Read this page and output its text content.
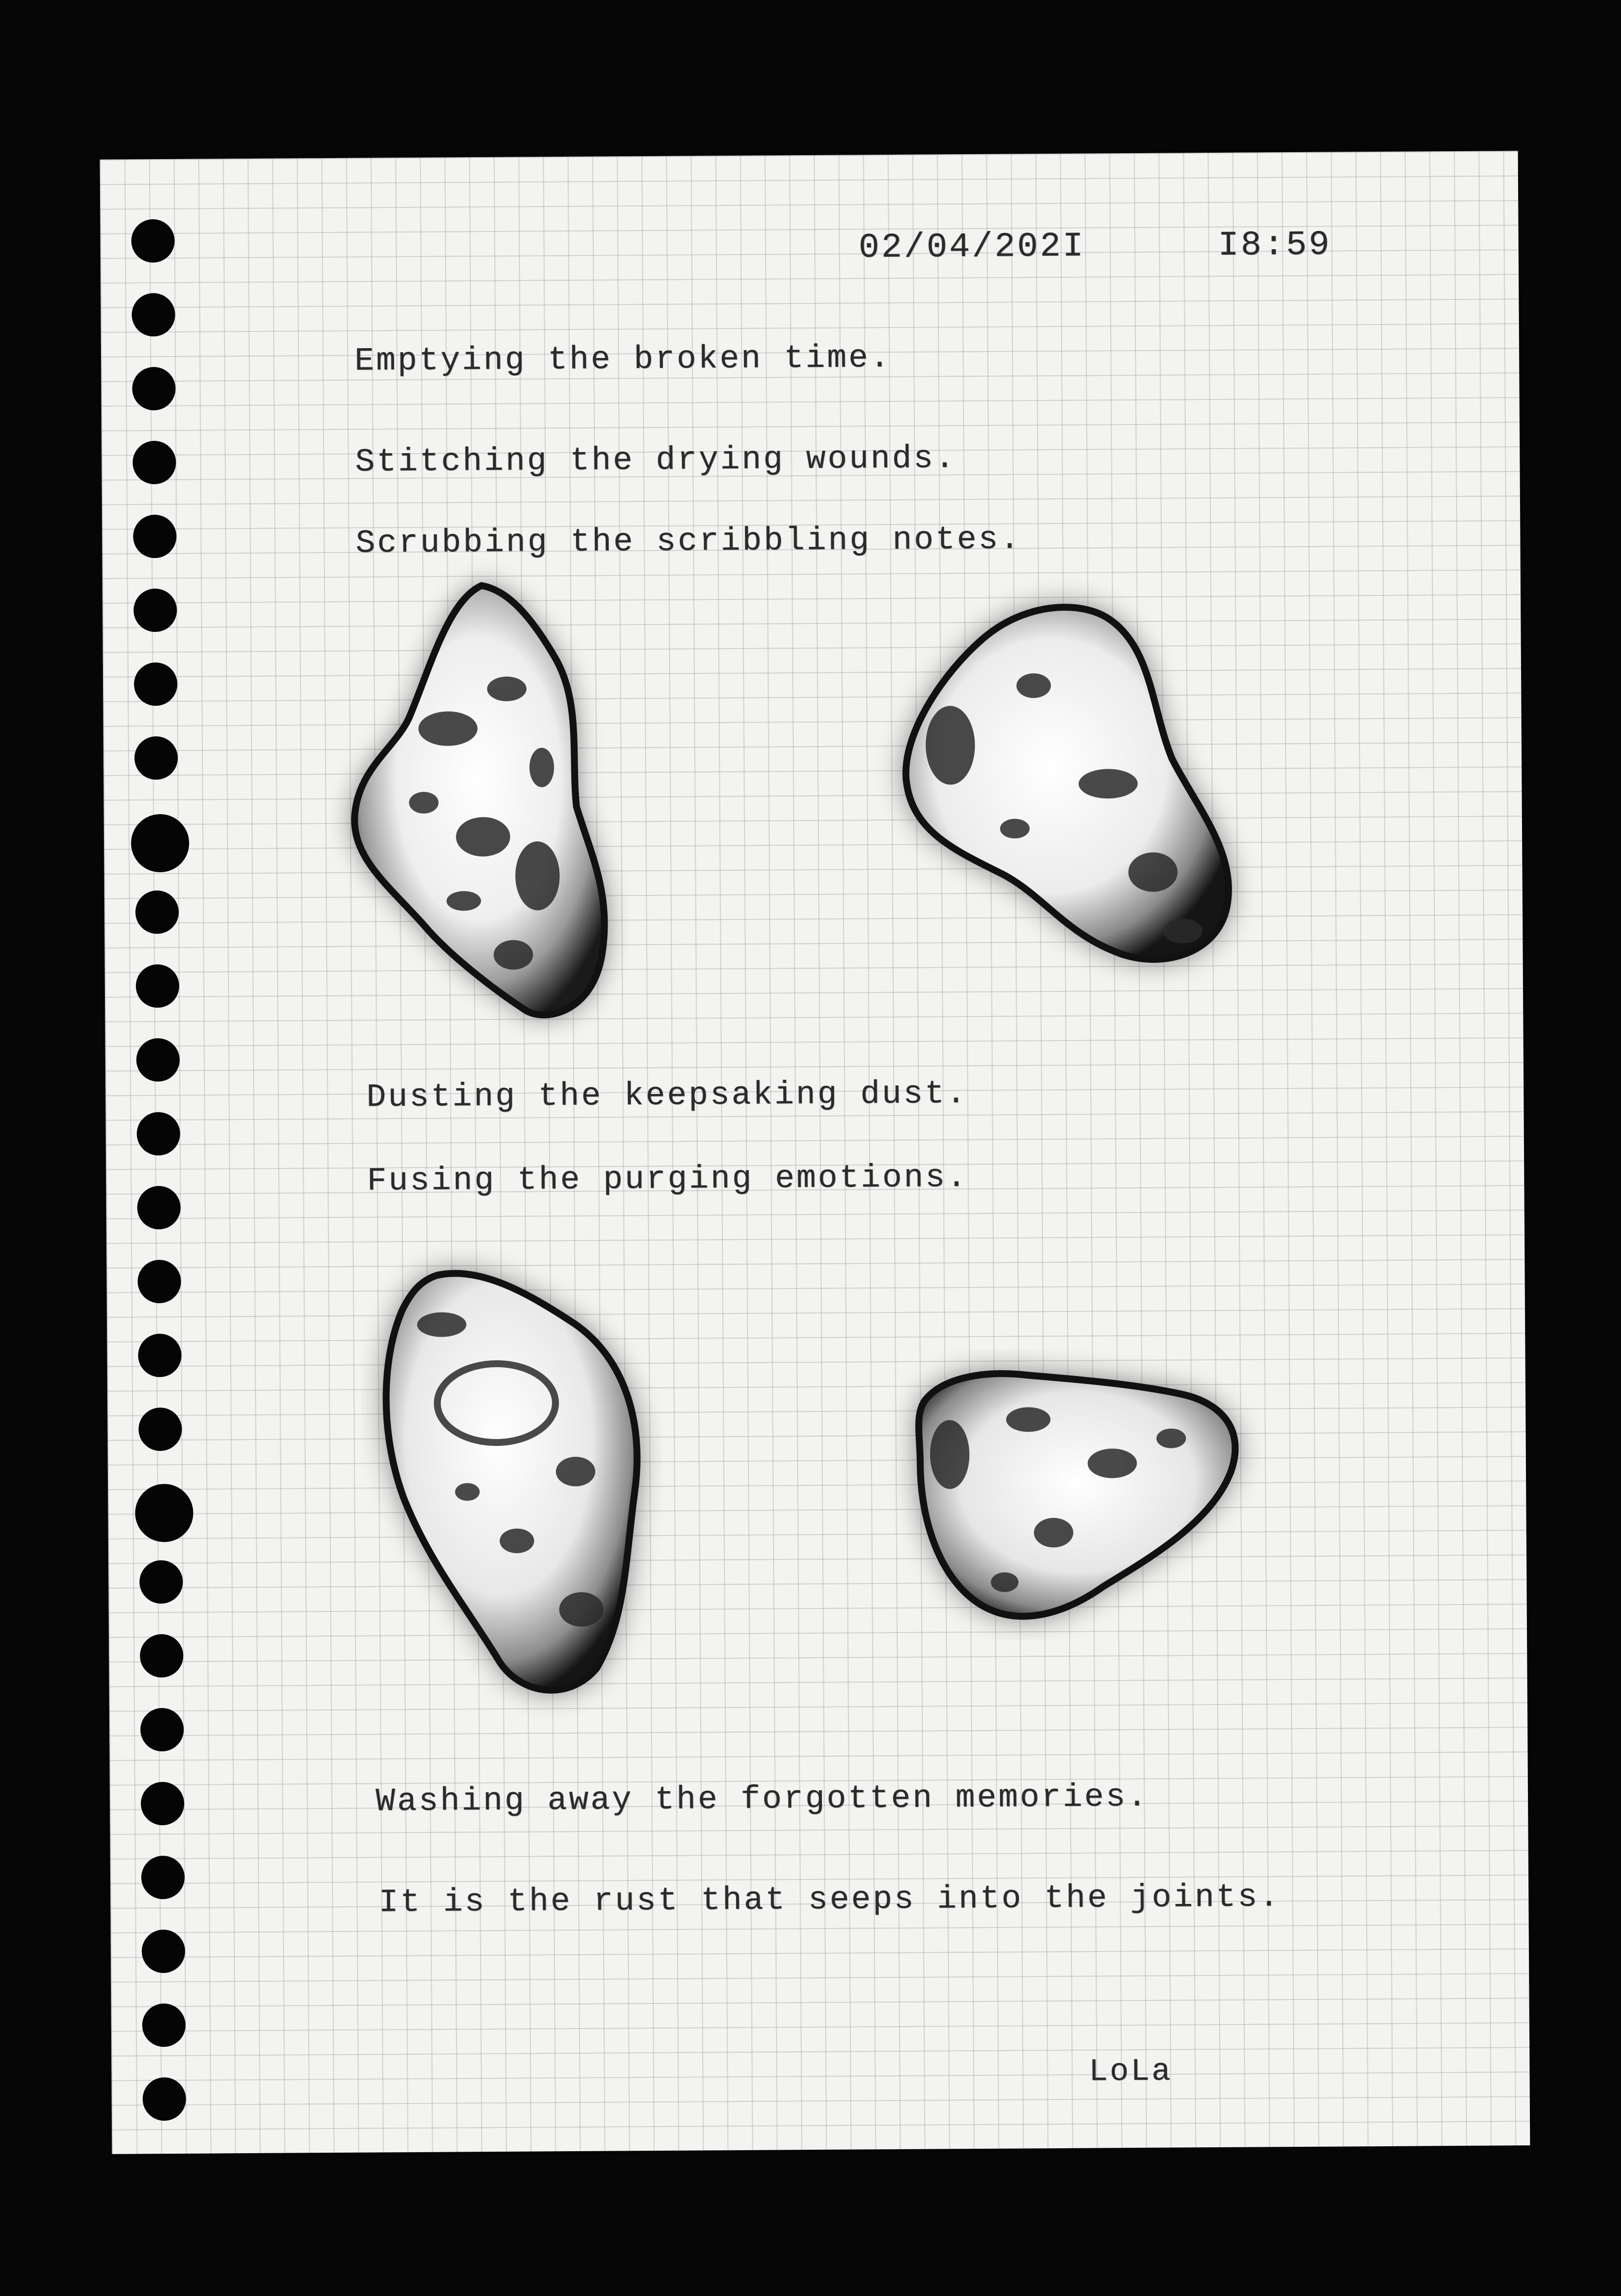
02/04/202I	I8:59
Emptying the broken time.
Stitching the drying wounds.
Scrubbing the scribbling notes.
Dusting the keepsaking dust.
Fusing the purging emotions.
Washing away the forgotten memories.
It is the rust that seeps into the joints.
LoLa
